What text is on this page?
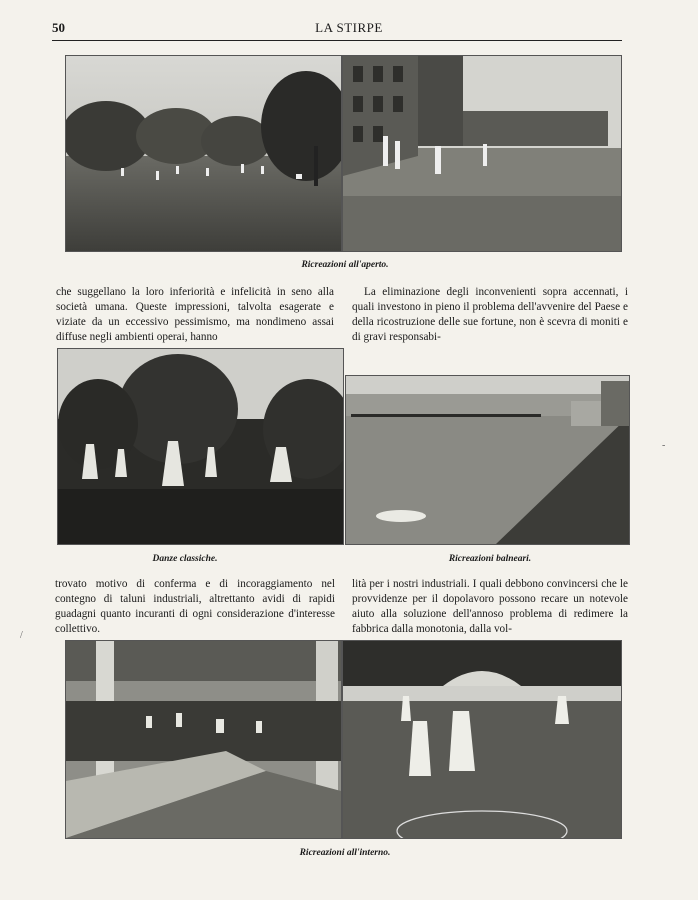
50	LA STIRPE
Ricreazioni all'aperto.

che suggellano la loro inferiorità e infelicità in seno alla società umana. Queste impressioni, talvolta esagerate e viziate da un eccessivo pessimismo, ma nondimeno assai diffuse negli ambienti operai, hanno

La eliminazione degli inconvenienti sopra accennati, i quali investono in pieno il problema dell'avvenire del Paese e della ricostruzione delle sue fortune, non è scevra di moniti e di gravi responsabi-

Danze classiche.	Ricreazioni balneari.

trovato motivo di conferma e di incoraggiamento nel contegno di taluni industriali, altrettanto avidi di rapidi guadagni quanto incuranti di ogni considerazione d'interesse collettivo.

lità per i nostri industriali. I quali debbono convincersi che le provvidenze per il dopolavoro possono recare un notevole aiuto alla soluzione dell'annoso problema di redimere la fabbrica dalla monotonia, dalla vol-

Ricreazioni all'interno.
‐
/
